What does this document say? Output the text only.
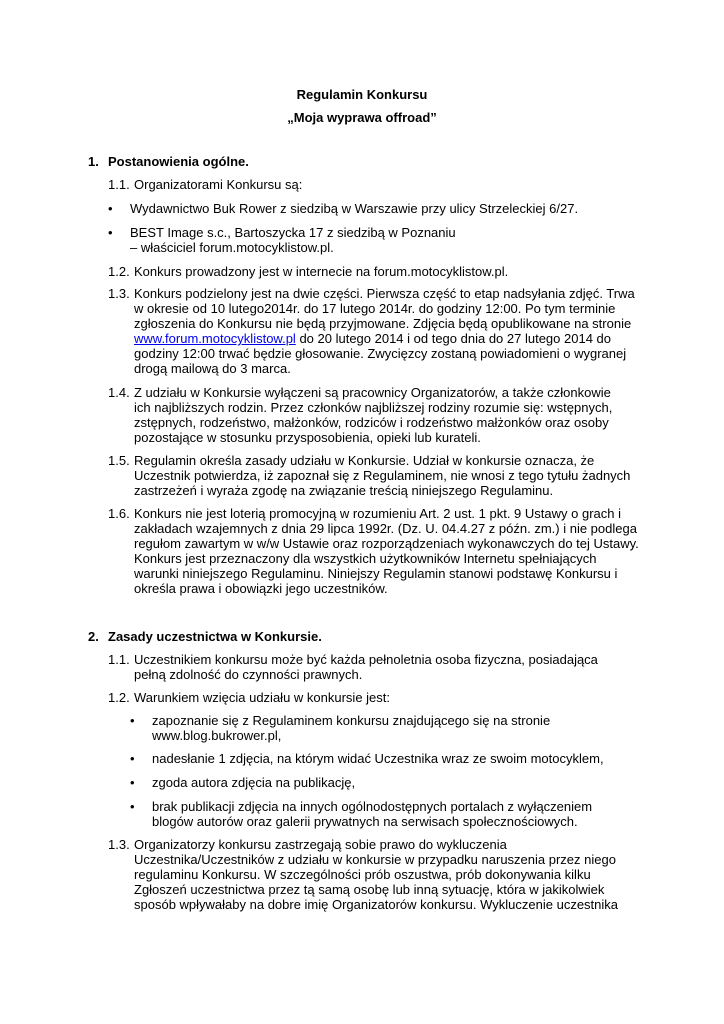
Regulamin Konkursu
„Moja wyprawa offroad”
1. Postanowienia ogólne.
1.1. Organizatorami Konkursu są:
•	Wydawnictwo Buk Rower z siedzibą w Warszawie przy ulicy Strzeleckiej 6/27.
•	BEST Image s.c., Bartoszycka 17 z siedzibą w Poznaniu – właściciel forum.motocyklistow.pl.
1.2. Konkurs prowadzony jest w internecie na forum.motocyklistow.pl.
1.3. Konkurs podzielony jest na dwie części. Pierwsza część to etap nadsyłania zdjęć. Trwa w okresie od 10 lutego2014r. do 17 lutego 2014r. do godziny 12:00. Po tym terminie zgłoszenia do Konkursu nie będą przyjmowane. Zdjęcia będą opublikowane na stronie www.forum.motocyklistow.pl do 20 lutego 2014 i od tego dnia do 27 lutego 2014 do godziny 12:00 trwać będzie głosowanie. Zwycięzcy zostaną powiadomieni o wygranej drogą mailową do 3 marca.
1.4. Z udziału w Konkursie wyłączeni są pracownicy Organizatorów, a także członkowie ich najbliższych rodzin. Przez członków najbliższej rodziny rozumie się: wstępnych, zstępnych, rodzeństwo, małżonków, rodziców i rodzeństwo małżonków oraz osoby pozostające w stosunku przysposobienia, opieki lub kurateli.
1.5. Regulamin określa zasady udziału w Konkursie. Udział w konkursie oznacza, że Uczestnik potwierdza, iż zapoznał się z Regulaminem, nie wnosi z tego tytułu żadnych zastrzeżeń i wyraża zgodę na związanie treścią niniejszego Regulaminu.
1.6. Konkurs nie jest loterią promocyjną w rozumieniu Art. 2 ust. 1 pkt. 9 Ustawy o grach i zakładach wzajemnych z dnia 29 lipca 1992r. (Dz. U. 04.4.27 z późn. zm.) i nie podlega regułom zawartym w w/w Ustawie oraz rozporządzeniach wykonawczych do tej Ustawy. Konkurs jest przeznaczony dla wszystkich użytkowników Internetu spełniających warunki niniejszego Regulaminu. Niniejszy Regulamin stanowi podstawę Konkursu i określa prawa i obowiązki jego uczestników.
2. Zasady uczestnictwa w Konkursie.
1.1. Uczestnikiem konkursu może być każda pełnoletnia osoba fizyczna, posiadająca pełną zdolność do czynności prawnych.
1.2. Warunkiem wzięcia udziału w konkursie jest:
•	zapoznanie się z Regulaminem konkursu znajdującego się na stronie www.blog.bukrower.pl,
•	nadesłanie 1 zdjęcia, na którym widać Uczestnika wraz ze swoim motocyklem,
•	zgoda autora zdjęcia na publikację,
•	brak publikacji zdjęcia na innych ogólnodostępnych portalach z wyłączeniem blogów autorów oraz galerii prywatnych na serwisach społecznościowych.
1.3. Organizatorzy konkursu zastrzegają sobie prawo do wykluczenia Uczestnika/Uczestników z udziału w konkursie w przypadku naruszenia przez niego regulaminu Konkursu. W szczególności prób oszustwa, prób dokonywania kilku Zgłoszeń uczestnictwa przez tą samą osobę lub inną sytuację, która w jakikolwiek sposób wpływałaby na dobre imię Organizatorów konkursu. Wykluczenie uczestnika
